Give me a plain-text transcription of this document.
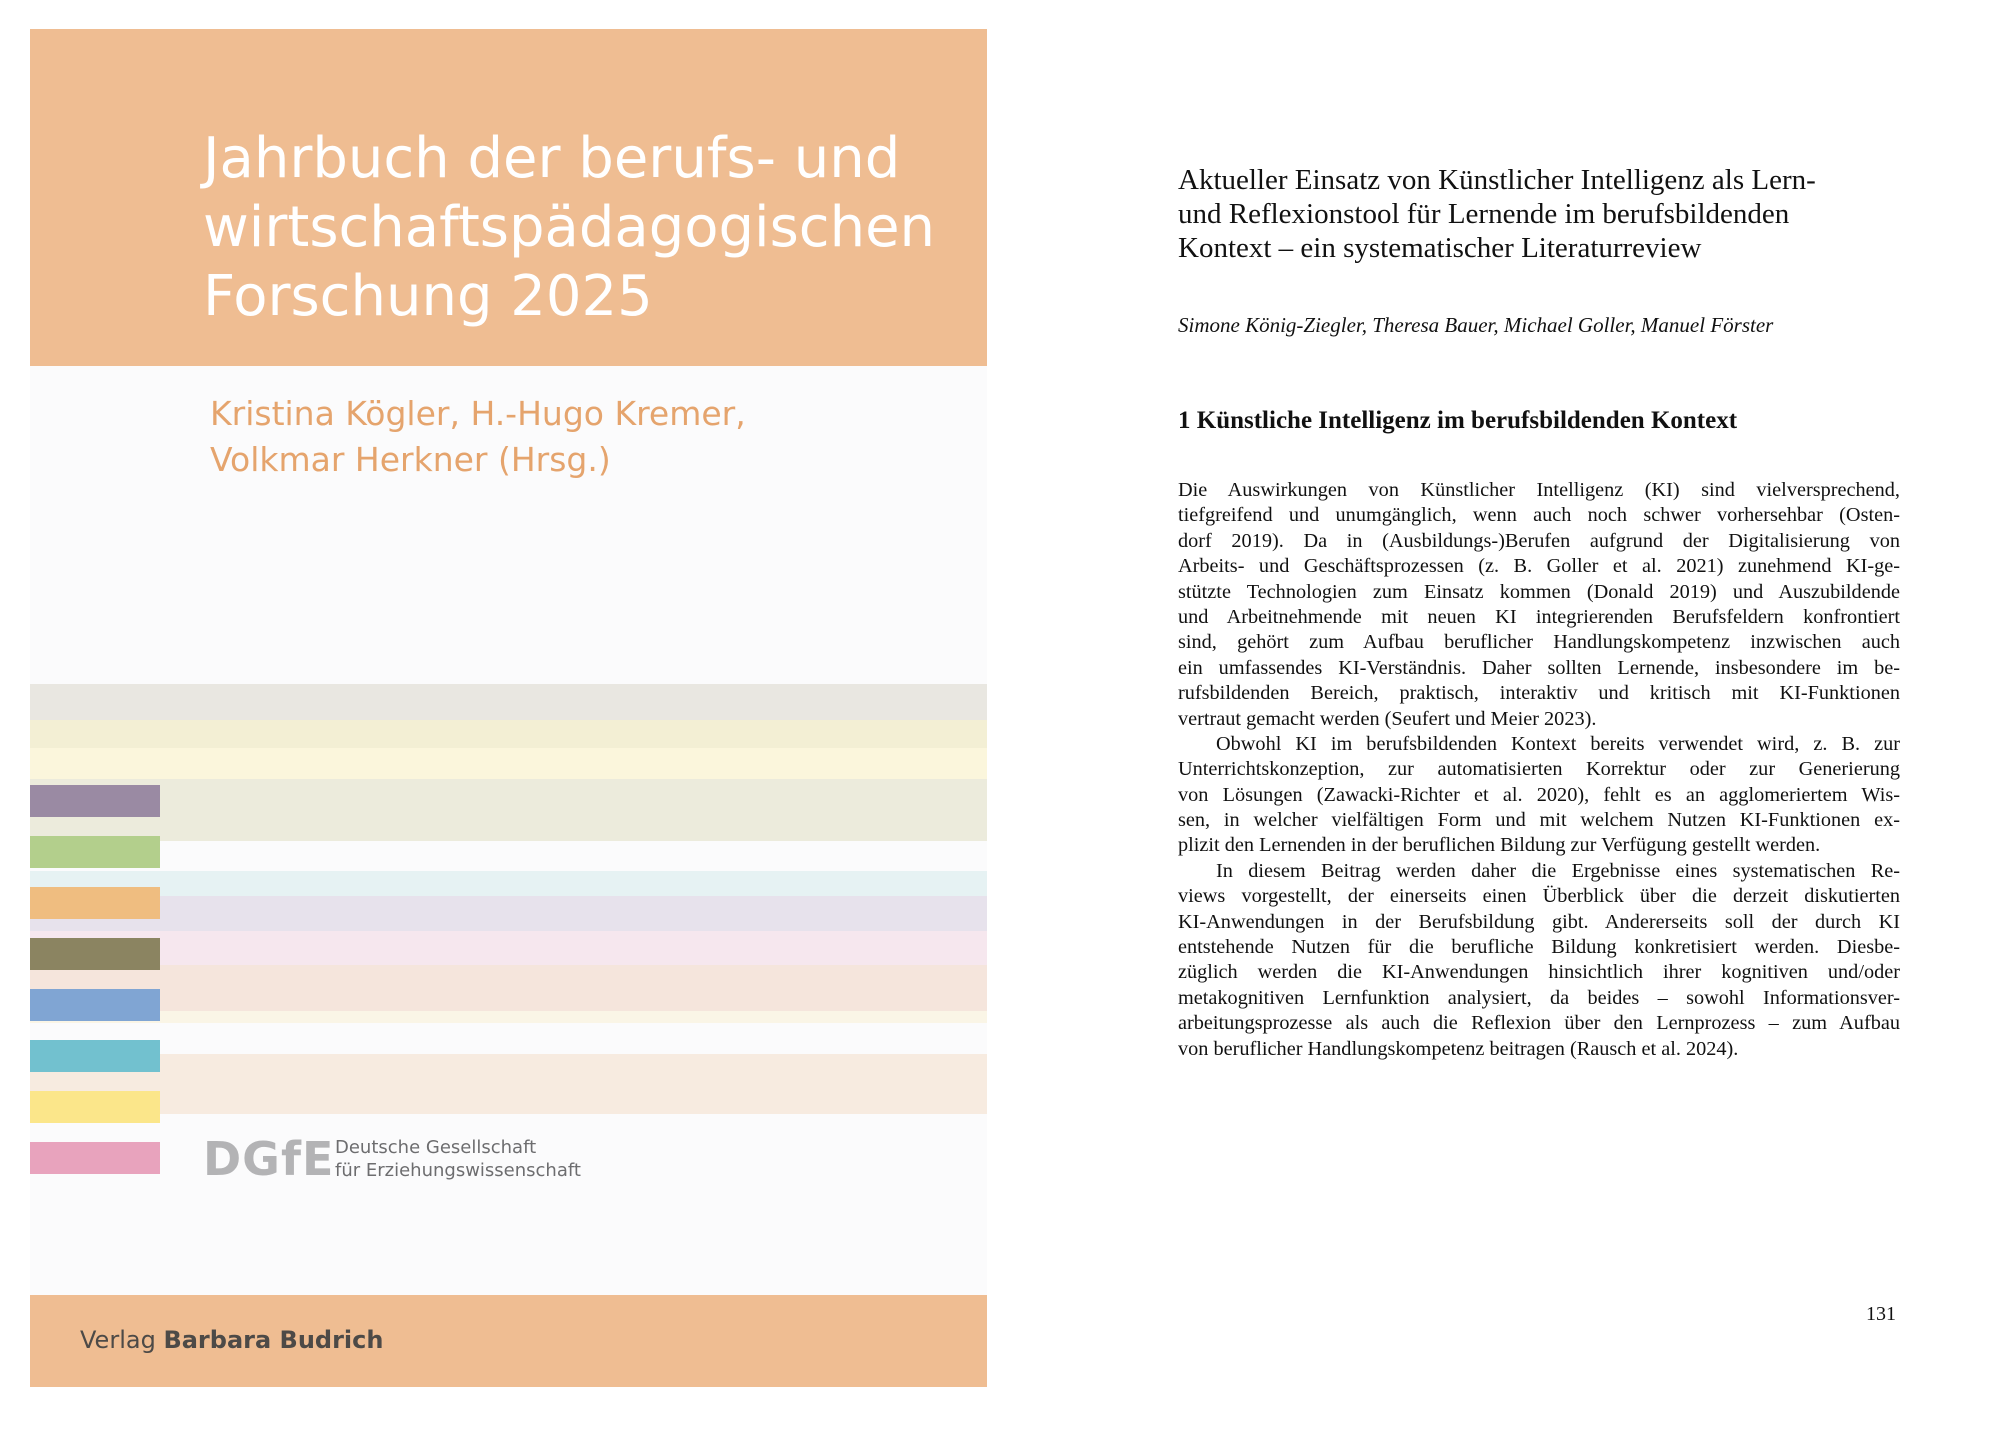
Jahrbuch der berufs- und
wirtschaftspädagogischen
Forschung 2025
Kristina Kögler, H.-Hugo Kremer,
Volkmar Herkner (Hrsg.)
DGfE Deutsche Gesellschaft
für Erziehungswissenschaft
Verlag Barbara Budrich
Aktueller Einsatz von Künstlicher Intelligenz als Lern-
und Reflexionstool für Lernende im berufsbildenden
Kontext – ein systematischer Literaturreview
Simone König-Ziegler, Theresa Bauer, Michael Goller, Manuel Förster
1 Künstliche Intelligenz im berufsbildenden Kontext
Die Auswirkungen von Künstlicher Intelligenz (KI) sind vielversprechend,
tiefgreifend und unumgänglich, wenn auch noch schwer vorhersehbar (Osten-
dorf 2019). Da in (Ausbildungs-)Berufen aufgrund der Digitalisierung von
Arbeits- und Geschäftsprozessen (z. B. Goller et al. 2021) zunehmend KI-ge-
stützte Technologien zum Einsatz kommen (Donald 2019) und Auszubildende
und Arbeitnehmende mit neuen KI integrierenden Berufsfeldern konfrontiert
sind, gehört zum Aufbau beruflicher Handlungskompetenz inzwischen auch
ein umfassendes KI-Verständnis. Daher sollten Lernende, insbesondere im be-
rufsbildenden Bereich, praktisch, interaktiv und kritisch mit KI-Funktionen
vertraut gemacht werden (Seufert und Meier 2023).
Obwohl KI im berufsbildenden Kontext bereits verwendet wird, z. B. zur
Unterrichtskonzeption, zur automatisierten Korrektur oder zur Generierung
von Lösungen (Zawacki-Richter et al. 2020), fehlt es an agglomeriertem Wis-
sen, in welcher vielfältigen Form und mit welchem Nutzen KI-Funktionen ex-
plizit den Lernenden in der beruflichen Bildung zur Verfügung gestellt werden.
In diesem Beitrag werden daher die Ergebnisse eines systematischen Re-
views vorgestellt, der einerseits einen Überblick über die derzeit diskutierten
KI-Anwendungen in der Berufsbildung gibt. Andererseits soll der durch KI
entstehende Nutzen für die berufliche Bildung konkretisiert werden. Diesbe-
züglich werden die KI-Anwendungen hinsichtlich ihrer kognitiven und/oder
metakognitiven Lernfunktion analysiert, da beides – sowohl Informationsver-
arbeitungsprozesse als auch die Reflexion über den Lernprozess – zum Aufbau
von beruflicher Handlungskompetenz beitragen (Rausch et al. 2024).
131
